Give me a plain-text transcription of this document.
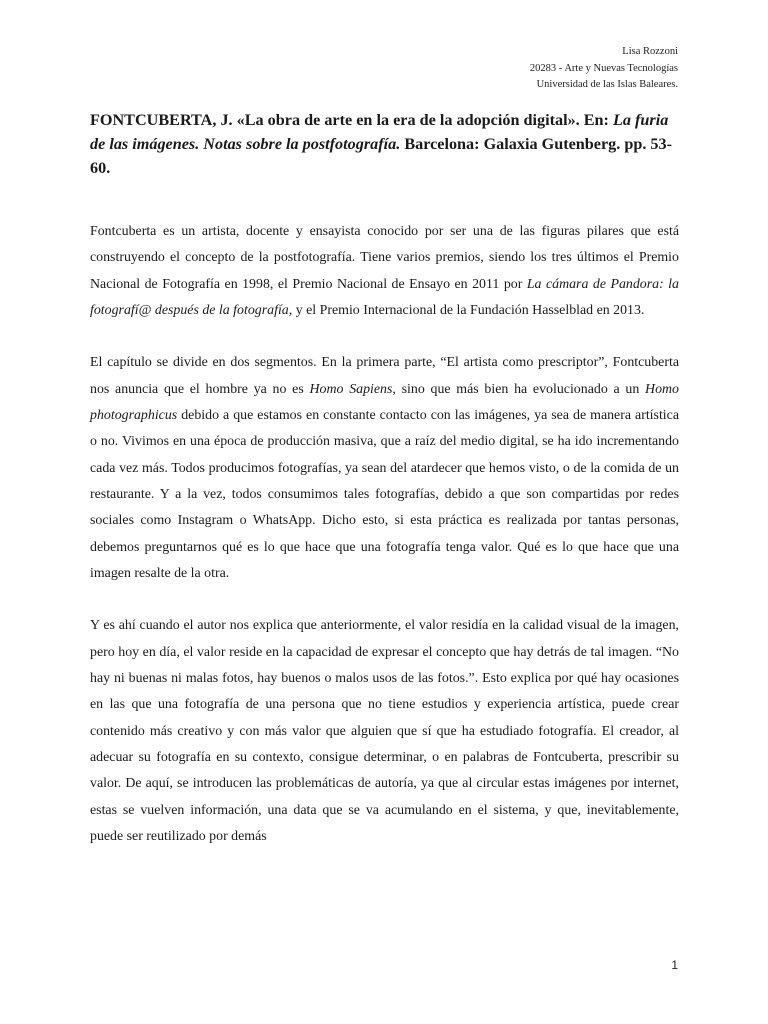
Lisa Rozzoni
20283 - Arte y Nuevas Tecnologías
Universidad de las Islas Baleares.
FONTCUBERTA, J. «La obra de arte en la era de la adopción digital». En: La furia de las imágenes. Notas sobre la postfotografía. Barcelona: Galaxia Gutenberg. pp. 53-60.

Fontcuberta es un artista, docente y ensayista conocido por ser una de las figuras pilares que está construyendo el concepto de la postfotografía. Tiene varios premios, siendo los tres últimos el Premio Nacional de Fotografía en 1998, el Premio Nacional de Ensayo en 2011 por La cámara de Pandora: la fotografí@ después de la fotografía, y el Premio Internacional de la Fundación Hasselblad en 2013.

El capítulo se divide en dos segmentos. En la primera parte, “El artista como prescriptor”, Fontcuberta nos anuncia que el hombre ya no es Homo Sapiens, sino que más bien ha evolucionado a un Homo photographicus debido a que estamos en constante contacto con las imágenes, ya sea de manera artística o no. Vivimos en una época de producción masiva, que a raíz del medio digital, se ha ido incrementando cada vez más. Todos producimos fotografías, ya sean del atardecer que hemos visto, o de la comida de un restaurante. Y a la vez, todos consumimos tales fotografías, debido a que son compartidas por redes sociales como Instagram o WhatsApp. Dicho esto, si esta práctica es realizada por tantas personas, debemos preguntarnos qué es lo que hace que una fotografía tenga valor. Qué es lo que hace que una imagen resalte de la otra.

Y es ahí cuando el autor nos explica que anteriormente, el valor residía en la calidad visual de la imagen, pero hoy en día, el valor reside en la capacidad de expresar el concepto que hay detrás de tal imagen. “No hay ni buenas ni malas fotos, hay buenos o malos usos de las fotos.”. Esto explica por qué hay ocasiones en las que una fotografía de una persona que no tiene estudios y experiencia artística, puede crear contenido más creativo y con más valor que alguien que sí que ha estudiado fotografía. El creador, al adecuar su fotografía en su contexto, consigue determinar, o en palabras de Fontcuberta, prescribir su valor. De aquí, se introducen las problemáticas de autoría, ya que al circular estas imágenes por internet, estas se vuelven información, una data que se va acumulando en el sistema, y que, inevitablemente, puede ser reutilizado por demás

1
